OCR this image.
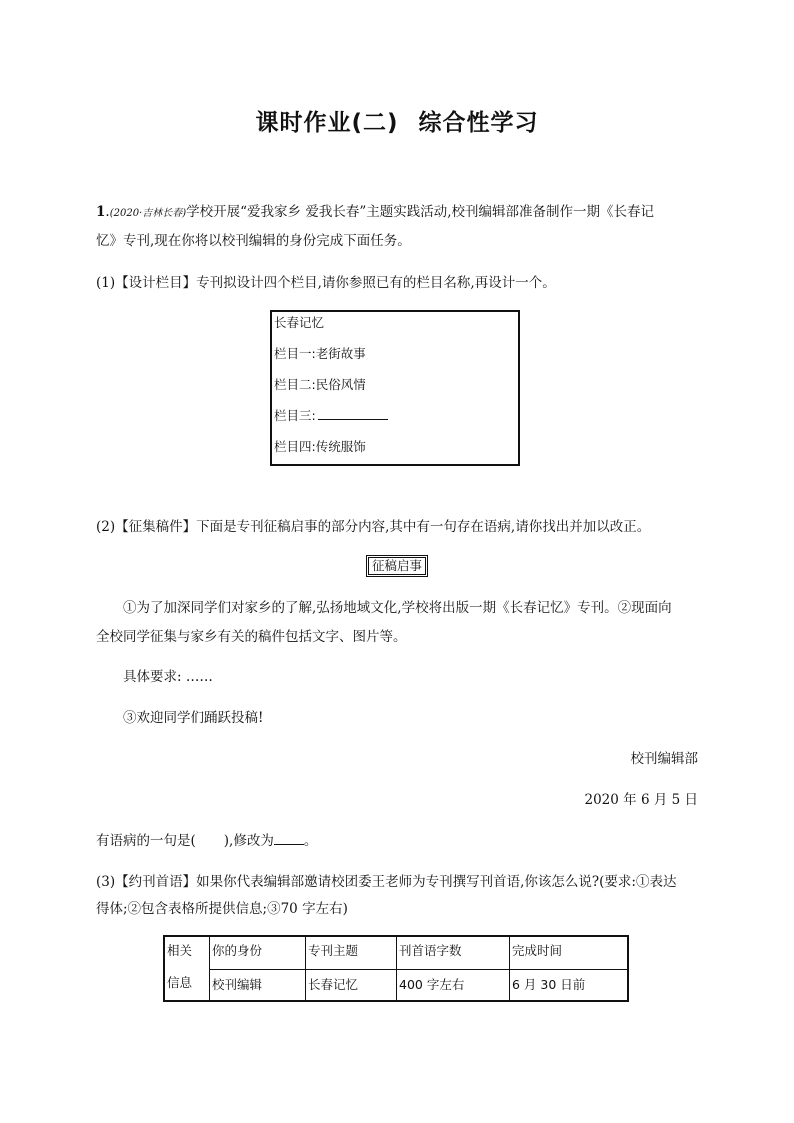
课时作业(二) 综合性学习
1.(2020·吉林长春)学校开展“爱我家乡 爱我长春”主题实践活动,校刊编辑部准备制作一期《长春记
忆》专刊,现在你将以校刊编辑的身份完成下面任务。
(1)【设计栏目】专刊拟设计四个栏目,请你参照已有的栏目名称,再设计一个。
长春记忆
栏目一:老街故事
栏目二:民俗风情
栏目三:
栏目四:传统服饰
(2)【征集稿件】下面是专刊征稿启事的部分内容,其中有一句存在语病,请你找出并加以改正。
征稿启事
①为了加深同学们对家乡的了解,弘扬地域文化,学校将出版一期《长春记忆》专刊。②现面向
全校同学征集与家乡有关的稿件包括文字、图片等。
具体要求: ……
③欢迎同学们踊跃投稿!
校刊编辑部
2020 年 6 月 5 日
有语病的一句是( ),修改为 。
(3)【约刊首语】如果你代表编辑部邀请校团委王老师为专刊撰写刊首语,你该怎么说?(要求:①表达
得体;②包含表格所提供信息;③70 字左右)
相关
信息
你的身份	专刊主题	刊首语字数	完成时间
校刊编辑	长春记忆	400 字左右	6 月 30 日前
